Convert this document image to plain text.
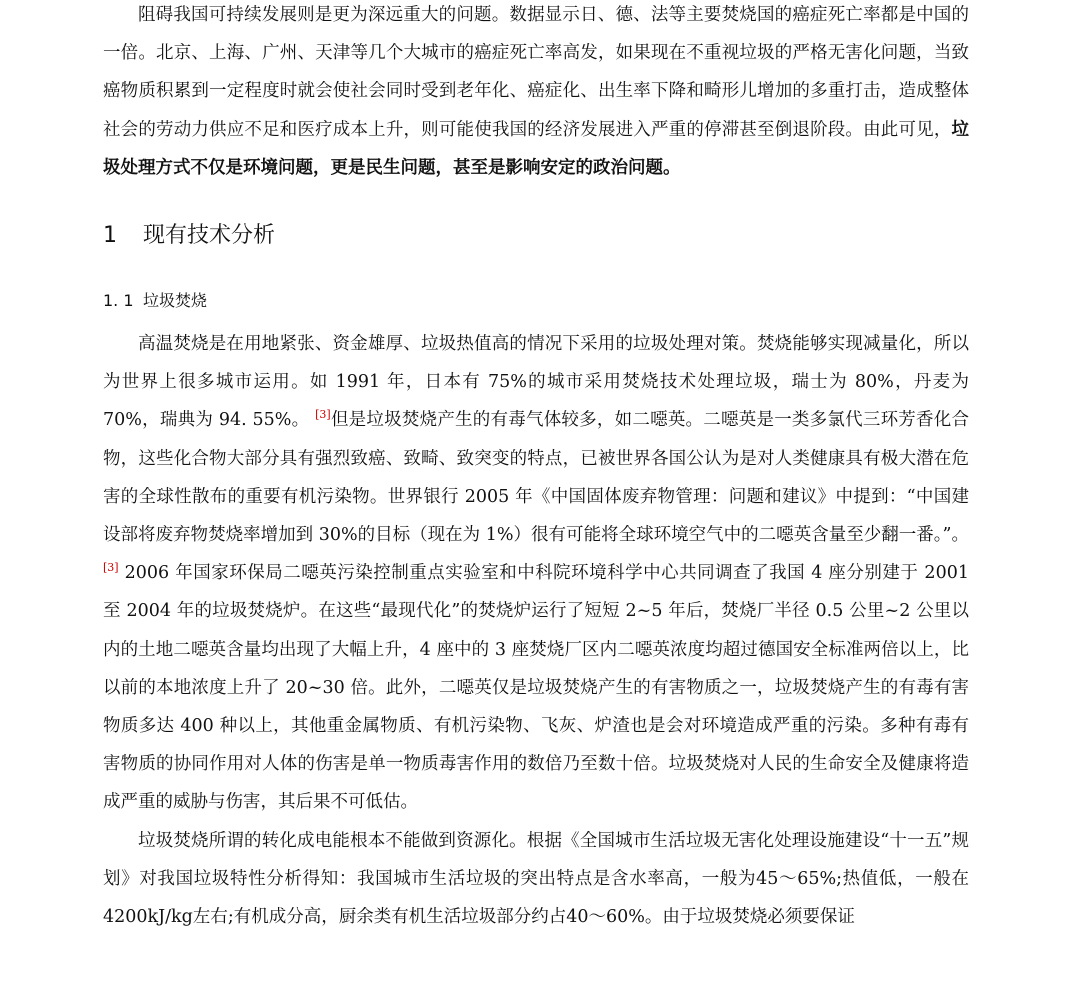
阻碍我国可持续发展则是更为深远重大的问题。数据显示日、德、法等主要焚烧国的癌症死亡率都是中国的一倍。北京、上海、广州、天津等几个大城市的癌症死亡率高发，如果现在不重视垃圾的严格无害化问题，当致癌物质积累到一定程度时就会使社会同时受到老年化、癌症化、出生率下降和畸形儿增加的多重打击，造成整体社会的劳动力供应不足和医疗成本上升，则可能使我国的经济发展进入严重的停滞甚至倒退阶段。由此可见，垃圾处理方式不仅是环境问题，更是民生问题，甚至是影响安定的政治问题。

1 现有技术分析
1. 1 垃圾焚烧

高温焚烧是在用地紧张、资金雄厚、垃圾热值高的情况下采用的垃圾处理对策。焚烧能够实现减量化，所以为世界上很多城市运用。如 1991 年，日本有 75%的城市采用焚烧技术处理垃圾，瑞士为 80%，丹麦为 70%，瑞典为 94. 55%。 [3]但是垃圾焚烧产生的有毒气体较多，如二噁英。二噁英是一类多氯代三环芳香化合物，这些化合物大部分具有强烈致癌、致畸、致突变的特点，已被世界各国公认为是对人类健康具有极大潜在危害的全球性散布的重要有机污染物。世界银行 2005 年《中国固体废弃物管理：问题和建议》中提到：“中国建设部将废弃物焚烧率增加到 30%的目标（现在为 1%）很有可能将全球环境空气中的二噁英含量至少翻一番。”。[3] 2006 年国家环保局二噁英污染控制重点实验室和中科院环境科学中心共同调查了我国 4 座分别建于 2001 至 2004 年的垃圾焚烧炉。在这些“最现代化”的焚烧炉运行了短短 2~5 年后，焚烧厂半径 0.5 公里~2 公里以内的土地二噁英含量均出现了大幅上升，4 座中的 3 座焚烧厂区内二噁英浓度均超过德国安全标准两倍以上，比以前的本地浓度上升了 20~30 倍。此外，二噁英仅是垃圾焚烧产生的有害物质之一，垃圾焚烧产生的有毒有害物质多达 400 种以上，其他重金属物质、有机污染物、飞灰、炉渣也是会对环境造成严重的污染。多种有毒有害物质的协同作用对人体的伤害是单一物质毒害作用的数倍乃至数十倍。垃圾焚烧对人民的生命安全及健康将造成严重的威胁与伤害，其后果不可低估。

垃圾焚烧所谓的转化成电能根本不能做到资源化。根据《全国城市生活垃圾无害化处理设施建设“十一五”规划》对我国垃圾特性分析得知：我国城市生活垃圾的突出特点是含水率高，一般为45～65%;热值低，一般在4200kJ/kg左右;有机成分高，厨余类有机生活垃圾部分约占40～60%。由于垃圾焚烧必须要保证
